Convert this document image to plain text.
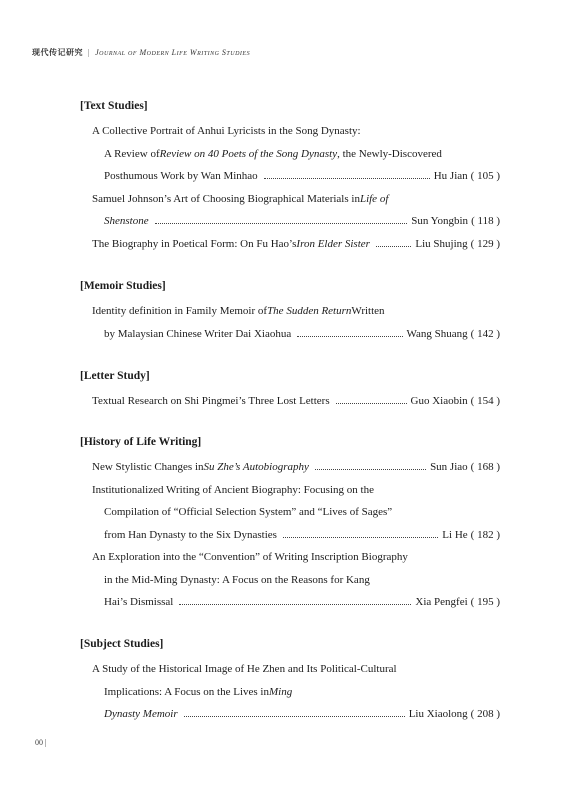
现代传记研究 | Journal of Modern Life Writing Studies
[Text Studies]
A Collective Portrait of Anhui Lyricists in the Song Dynasty:
A Review of Review on 40 Poets of the Song Dynasty , the Newly-Discovered
Posthumous Work by Wan Minhao	Hu Jian ( 105 )
Samuel Johnson’s Art of Choosing Biographical Materials in Life of
Shenstone	Sun Yongbin ( 118 )
The Biography in Poetical Form: On Fu Hao’s Iron Elder Sister	Liu Shujing ( 129 )
[Memoir Studies]
Identity definition in Family Memoir of The Sudden Return Written
by Malaysian Chinese Writer Dai Xiaohua	Wang Shuang ( 142 )
[Letter Study]
Textual Research on Shi Pingmei’s Three Lost Letters	Guo Xiaobin ( 154 )
[History of Life Writing]
New Stylistic Changes in Su Zhe’s Autobiography	Sun Jiao ( 168 )
Institutionalized Writing of Ancient Biography: Focusing on the
Compilation of “Official Selection System” and “Lives of Sages”
from Han Dynasty to the Six Dynasties	Li He ( 182 )
An Exploration into the “Convention” of Writing Inscription Biography
in the Mid-Ming Dynasty: A Focus on the Reasons for Kang
Hai’s Dismissal	Xia Pengfei ( 195 )
[Subject Studies]
A Study of the Historical Image of He Zhen and Its Political-Cultural
Implications: A Focus on the Lives in Ming
Dynasty Memoir	Liu Xiaolong ( 208 )
00 |
